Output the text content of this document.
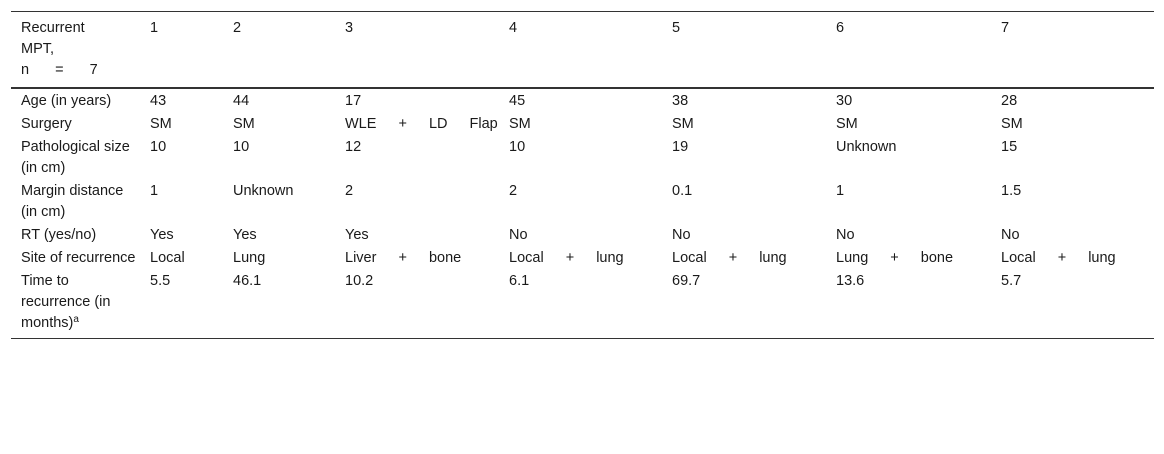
Recurrent
MPT,
n = 7	1	2	3	4	5	6	7
Age (in years)	43	44	17	45	38	30	28
Surgery	SM	SM	WLE + LD Flap	SM	SM	SM	SM
Pathological size (in cm)	10	10	12	10	19	Unknown	15
Margin distance (in cm)	1	Unknown	2	2	0.1	1	1.5
RT (yes/no)	Yes	Yes	Yes	No	No	No	No
Site of recurrence	Local	Lung	Liver + bone	Local + lung	Local + lung	Lung + bone	Local + lung
Time to recurrence (in months)$^a$	5.5	46.1	10.2	6.1	69.7	13.6	5.7
